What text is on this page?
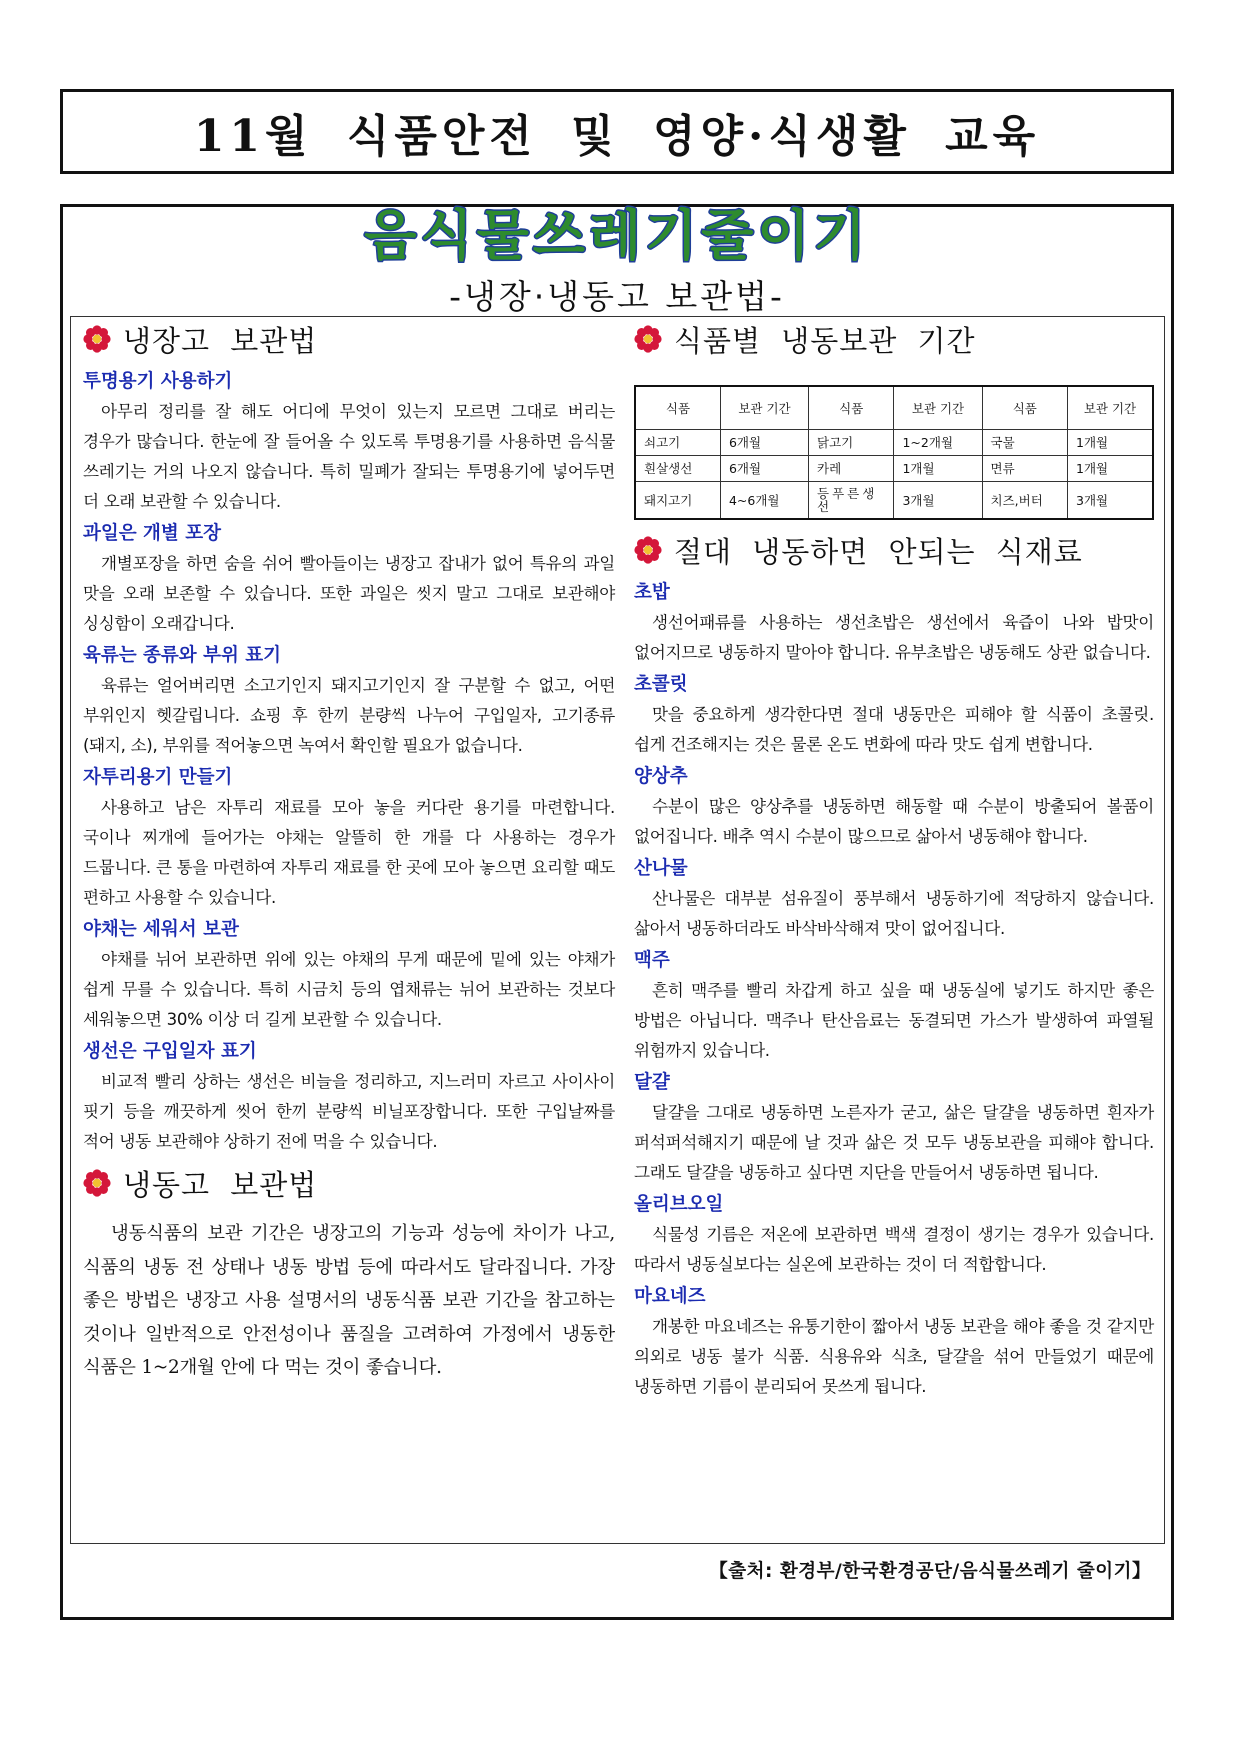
11월 식품안전 및 영양·식생활 교육
음식물쓰레기줄이기
-냉장·냉동고 보관법-
냉장고 보관법
투명용기 사용하기

아무리 정리를 잘 해도 어디에 무엇이 있는지 모르면 그대로 버리는 경우가 많습니다. 한눈에 잘 들어올 수 있도록 투명용기를 사용하면 음식물 쓰레기는 거의 나오지 않습니다. 특히 밀폐가 잘되는 투명용기에 넣어두면 더 오래 보관할 수 있습니다.

과일은 개별 포장

개별포장을 하면 숨을 쉬어 빨아들이는 냉장고 잡내가 없어 특유의 과일 맛을 오래 보존할 수 있습니다. 또한 과일은 씻지 말고 그대로 보관해야 싱싱함이 오래갑니다.

육류는 종류와 부위 표기

육류는 얼어버리면 소고기인지 돼지고기인지 잘 구분할 수 없고, 어떤 부위인지 헷갈립니다. 쇼핑 후 한끼 분량씩 나누어 구입일자, 고기종류(돼지, 소), 부위를 적어놓으면 녹여서 확인할 필요가 없습니다.

자투리용기 만들기

사용하고 남은 자투리 재료를 모아 놓을 커다란 용기를 마련합니다. 국이나 찌개에 들어가는 야채는 알뜰히 한 개를 다 사용하는 경우가 드뭅니다. 큰 통을 마련하여 자투리 재료를 한 곳에 모아 놓으면 요리할 때도 편하고 사용할 수 있습니다.

야채는 세워서 보관

야채를 뉘어 보관하면 위에 있는 야채의 무게 때문에 밑에 있는 야채가 쉽게 무를 수 있습니다. 특히 시금치 등의 엽채류는 뉘어 보관하는 것보다 세워놓으면 30% 이상 더 길게 보관할 수 있습니다.

생선은 구입일자 표기

비교적 빨리 상하는 생선은 비늘을 정리하고, 지느러미 자르고 사이사이 핏기 등을 깨끗하게 씻어 한끼 분량씩 비닐포장합니다. 또한 구입날짜를 적어 냉동 보관해야 상하기 전에 먹을 수 있습니다.

냉동고 보관법

냉동식품의 보관 기간은 냉장고의 기능과 성능에 차이가 나고, 식품의 냉동 전 상태나 냉동 방법 등에 따라서도 달라집니다. 가장 좋은 방법은 냉장고 사용 설명서의 냉동식품 보관 기간을 참고하는 것이나 일반적으로 안전성이나 품질을 고려하여 가정에서 냉동한 식품은 1~2개월 안에 다 먹는 것이 좋습니다.

식품별 냉동보관 기간
식품	보관 기간	식품	보관 기간	식품	보관 기간
쇠고기	6개월	닭고기	1~2개월	국물	1개월
흰살생선	6개월	카레	1개월	면류	1개월
돼지고기	4~6개월	등푸른생선	3개월	치즈,버터	3개월
절대 냉동하면 안되는 식재료
초밥

생선어패류를 사용하는 생선초밥은 생선에서 육즙이 나와 밥맛이 없어지므로 냉동하지 말아야 합니다. 유부초밥은 냉동해도 상관 없습니다.

초콜릿

맛을 중요하게 생각한다면 절대 냉동만은 피해야 할 식품이 초콜릿. 쉽게 건조해지는 것은 물론 온도 변화에 따라 맛도 쉽게 변합니다.

양상추

수분이 많은 양상추를 냉동하면 해동할 때 수분이 방출되어 볼품이 없어집니다. 배추 역시 수분이 많으므로 삶아서 냉동해야 합니다.

산나물

산나물은 대부분 섬유질이 풍부해서 냉동하기에 적당하지 않습니다. 삶아서 냉동하더라도 바삭바삭해져 맛이 없어집니다.

맥주

흔히 맥주를 빨리 차갑게 하고 싶을 때 냉동실에 넣기도 하지만 좋은 방법은 아닙니다. 맥주나 탄산음료는 동결되면 가스가 발생하여 파열될 위험까지 있습니다.

달걀

달걀을 그대로 냉동하면 노른자가 굳고, 삶은 달걀을 냉동하면 흰자가 퍼석퍼석해지기 때문에 날 것과 삶은 것 모두 냉동보관을 피해야 합니다. 그래도 달걀을 냉동하고 싶다면 지단을 만들어서 냉동하면 됩니다.

올리브오일

식물성 기름은 저온에 보관하면 백색 결정이 생기는 경우가 있습니다. 따라서 냉동실보다는 실온에 보관하는 것이 더 적합합니다.

마요네즈

개봉한 마요네즈는 유통기한이 짧아서 냉동 보관을 해야 좋을 것 같지만 의외로 냉동 불가 식품. 식용유와 식초, 달걀을 섞어 만들었기 때문에 냉동하면 기름이 분리되어 못쓰게 됩니다.

【출처: 환경부/한국환경공단/음식물쓰레기 줄이기】
